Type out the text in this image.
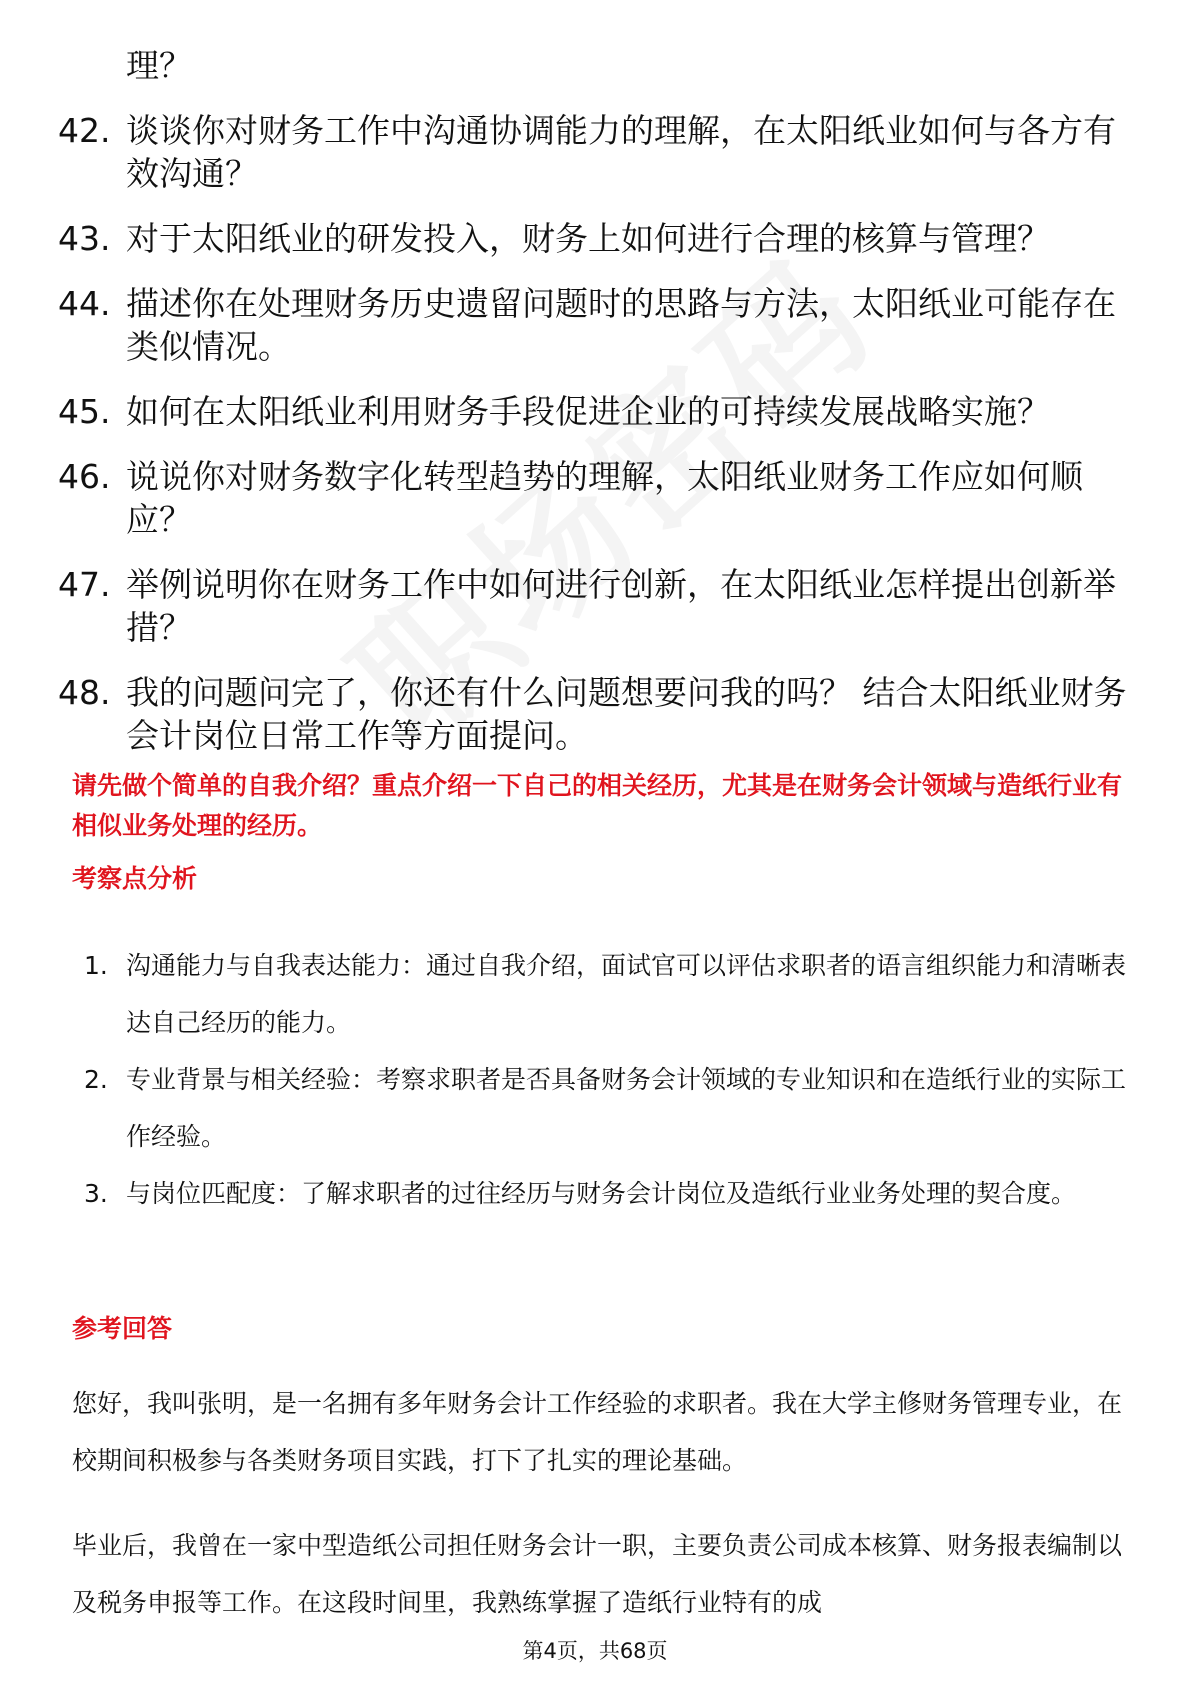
理？
42. 谈谈你对财务工作中沟通协调能力的理解，在太阳纸业如何与各方有效沟通？
43. 对于太阳纸业的研发投入，财务上如何进行合理的核算与管理？
44. 描述你在处理财务历史遗留问题时的思路与方法，太阳纸业可能存在类似情况。
45. 如何在太阳纸业利用财务手段促进企业的可持续发展战略实施？
46. 说说你对财务数字化转型趋势的理解，太阳纸业财务工作应如何顺应？
47. 举例说明你在财务工作中如何进行创新，在太阳纸业怎样提出创新举措？
48. 我的问题问完了，你还有什么问题想要问我的吗？ 结合太阳纸业财务会计岗位日常工作等方面提问。
请先做个简单的自我介绍？重点介绍一下自己的相关经历，尤其是在财务会计领域与造纸行业有相似业务处理的经历。
考察点分析
1. 沟通能力与自我表达能力：通过自我介绍，面试官可以评估求职者的语言组织能力和清晰表达自己经历的能力。
2. 专业背景与相关经验：考察求职者是否具备财务会计领域的专业知识和在造纸行业的实际工作经验。
3. 与岗位匹配度：了解求职者的过往经历与财务会计岗位及造纸行业业务处理的契合度。
参考回答
您好，我叫张明，是一名拥有多年财务会计工作经验的求职者。我在大学主修财务管理专业，在校期间积极参与各类财务项目实践，打下了扎实的理论基础。
毕业后，我曾在一家中型造纸公司担任财务会计一职，主要负责公司成本核算、财务报表编制以及税务申报等工作。在这段时间里，我熟练掌握了造纸行业特有的成
第4页，共68页
